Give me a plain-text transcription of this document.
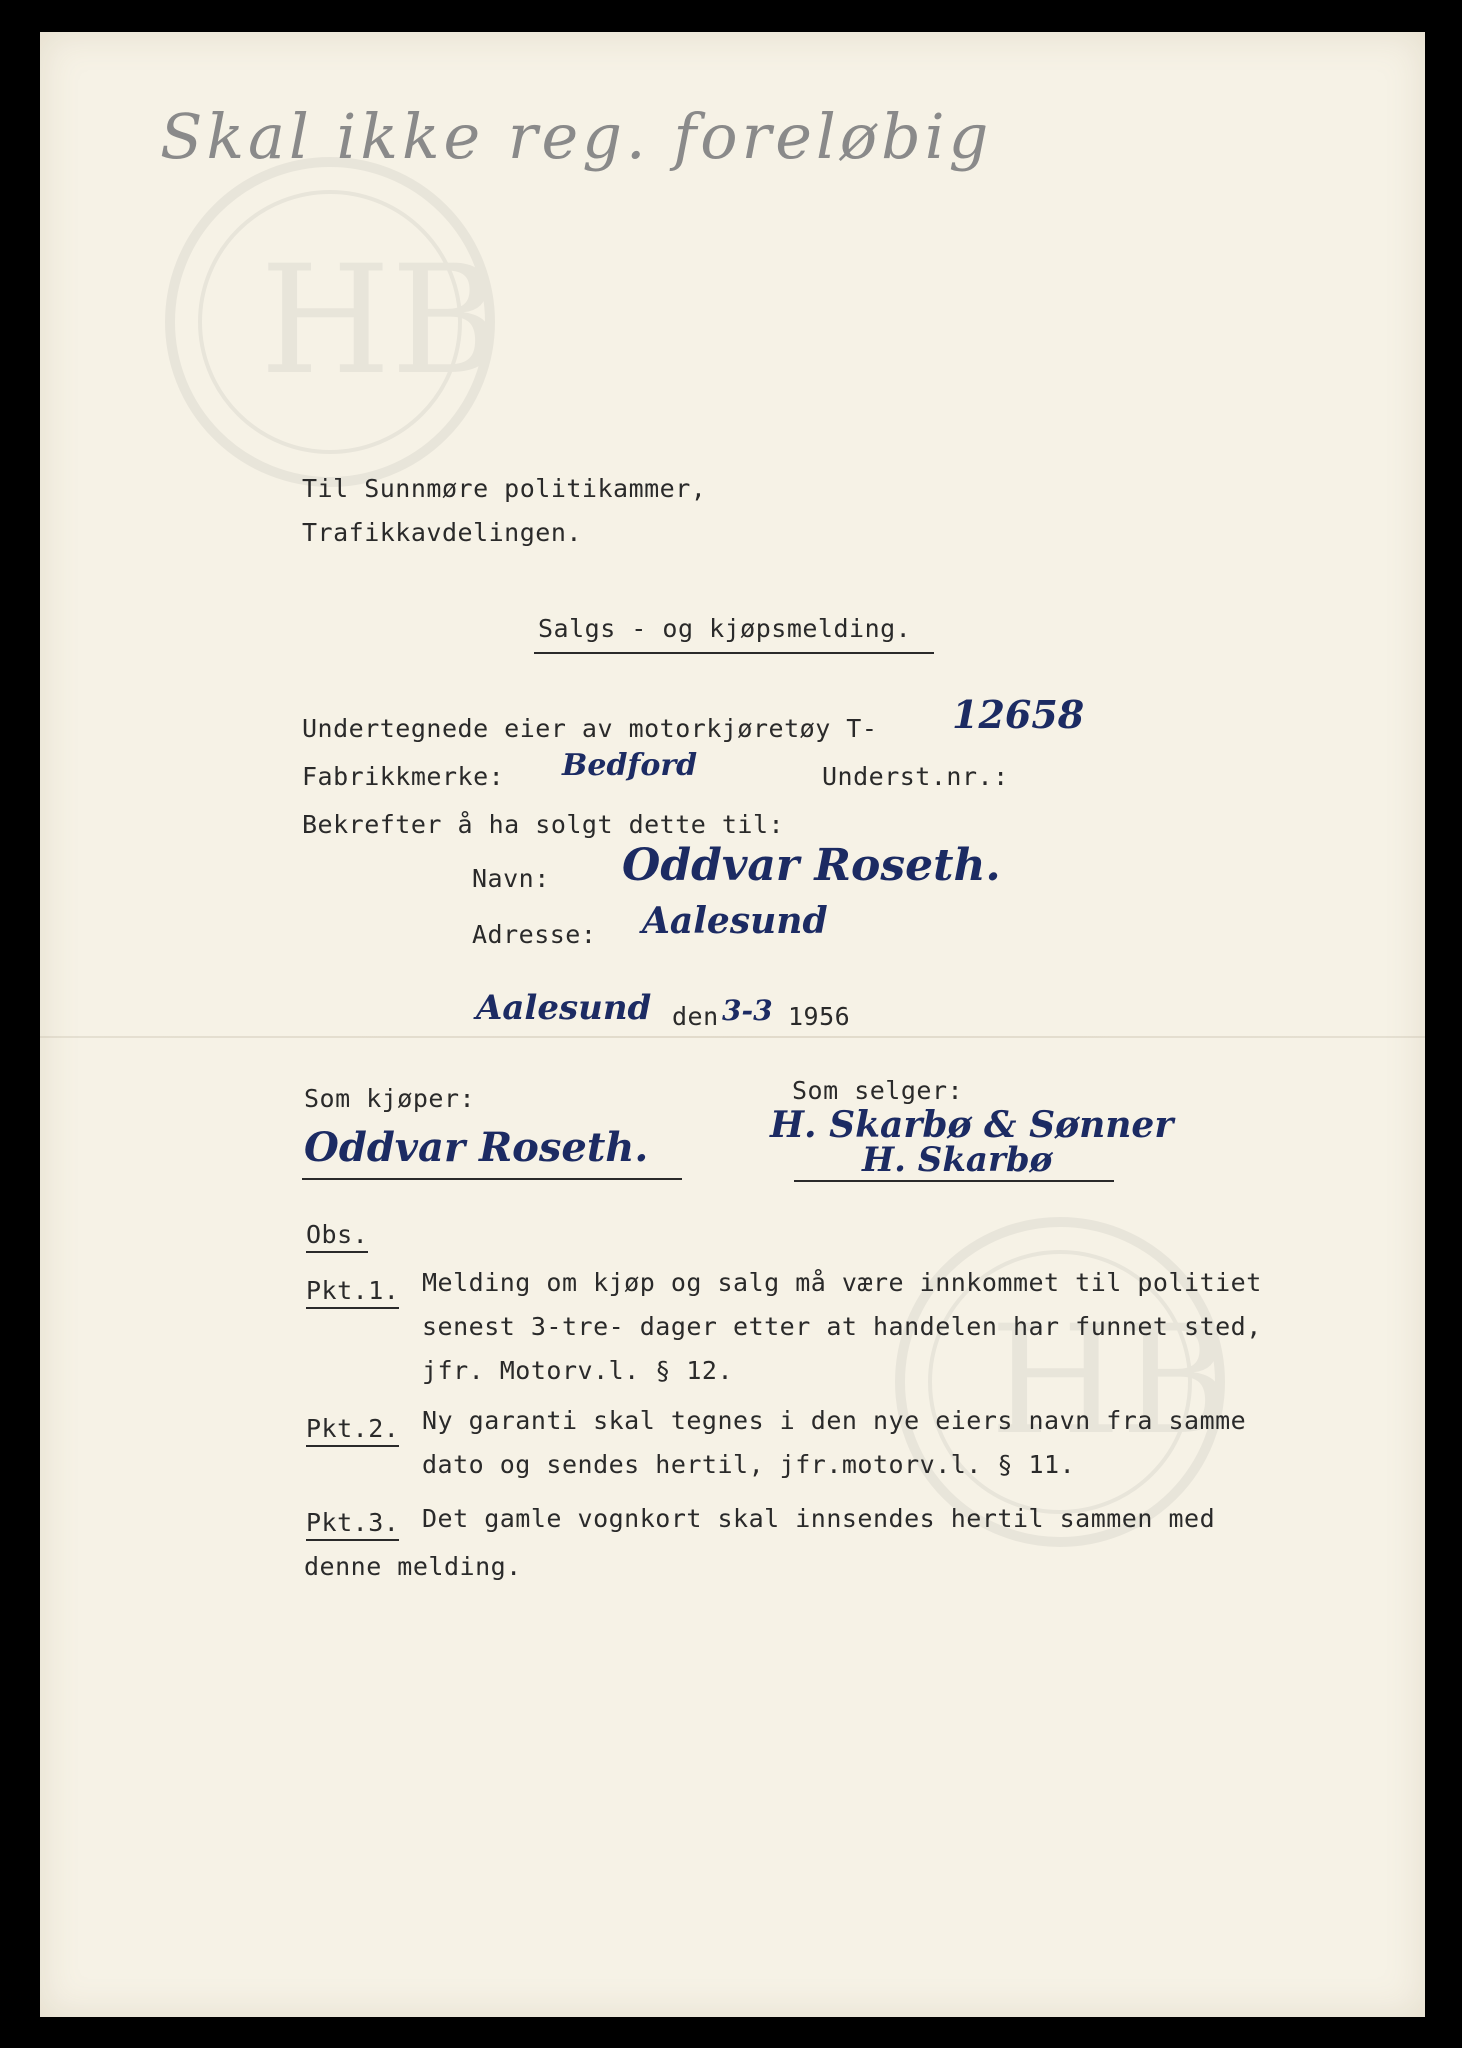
HB
HB
Skal ikke reg. foreløbig
Til Sunnmøre politikammer,
Trafikkavdelingen.
Salgs - og kjøpsmelding.
Undertegnede eier av motorkjøretøy T- 12658
Fabrikkmerke: Bedford	Underst.nr.:
Bekrefter å ha solgt dette til:
Navn: Oddvar Roseth.
Adresse: Aalesund
Aalesund den 3-3 1956
Som kjøper:
Oddvar Roseth.
Som selger:
H. Skarbø & Sønner
H. Skarbø
Obs.
Pkt.1. Melding om kjøp og salg må være innkommet til politiet
senest 3-tre- dager etter at handelen har funnet sted,
jfr. Motorv.l. § 12.
Pkt.2. Ny garanti skal tegnes i den nye eiers navn fra samme
dato og sendes hertil, jfr.motorv.l. § 11.
Pkt.3. Det gamle vognkort skal innsendes hertil sammen med
denne melding.
